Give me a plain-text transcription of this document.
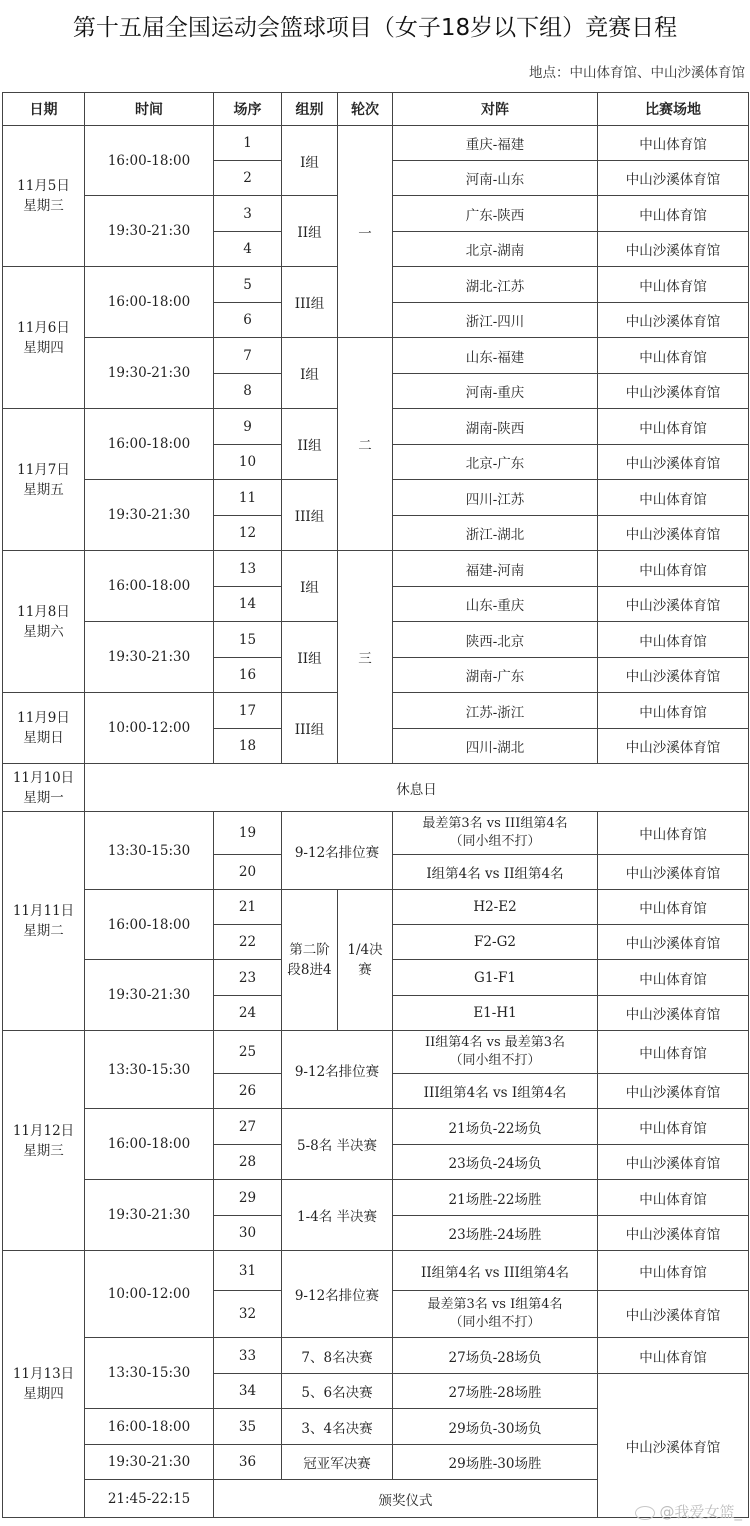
第十五届全国运动会篮球项目（女子18岁以下组）竞赛日程
地点：中山体育馆、中山沙溪体育馆
日期	时间	场序	组别	轮次	对阵	比赛场地
11月5日
星期三	16:00-18:00	1	I组	一	重庆-福建	中山体育馆
		2			河南-山东	中山沙溪体育馆
	19:30-21:30	3	II组		广东-陕西	中山体育馆
		4			北京-湖南	中山沙溪体育馆
11月6日
星期四	16:00-18:00	5	III组		湖北-江苏	中山体育馆
		6			浙江-四川	中山沙溪体育馆
	19:30-21:30	7	I组	二	山东-福建	中山体育馆
		8			河南-重庆	中山沙溪体育馆
11月7日
星期五	16:00-18:00	9	II组		湖南-陕西	中山体育馆
		10			北京-广东	中山沙溪体育馆
	19:30-21:30	11	III组		四川-江苏	中山体育馆
		12			浙江-湖北	中山沙溪体育馆
11月8日
星期六	16:00-18:00	13	I组	三	福建-河南	中山体育馆
		14			山东-重庆	中山沙溪体育馆
	19:30-21:30	15	II组		陕西-北京	中山体育馆
		16			湖南-广东	中山沙溪体育馆
11月9日
星期日	10:00-12:00	17	III组		江苏-浙江	中山体育馆
		18			四川-湖北	中山沙溪体育馆
11月10日
星期一	休息日					
11月11日
星期二	13:30-15:30	19	9-12名排位赛		最差第3名 vs III组第4名
（同小组不打）	中山体育馆
		20			I组第4名 vs II组第4名	中山沙溪体育馆
	16:00-18:00	21	第二阶段8进4	1/4决赛	H2-E2	中山体育馆
		22			F2-G2	中山沙溪体育馆
	19:30-21:30	23			G1-F1	中山体育馆
		24			E1-H1	中山沙溪体育馆
11月12日
星期三	13:30-15:30	25	9-12名排位赛		II组第4名 vs 最差第3名
（同小组不打）	中山体育馆
		26			III组第4名 vs I组第4名	中山沙溪体育馆
	16:00-18:00	27	5-8名 半决赛		21场负-22场负	中山体育馆
		28			23场负-24场负	中山沙溪体育馆
	19:30-21:30	29	1-4名 半决赛		21场胜-22场胜	中山体育馆
		30			23场胜-24场胜	中山沙溪体育馆
11月13日
星期四	10:00-12:00	31	9-12名排位赛		II组第4名 vs III组第4名	中山体育馆
		32			最差第3名 vs I组第4名
（同小组不打）	中山沙溪体育馆
	13:30-15:30	33	7、8名决赛		27场负-28场负	中山体育馆
		34	5、6名决赛		27场胜-28场胜	中山沙溪体育馆
	16:00-18:00	35	3、4名决赛		29场负-30场负	
	19:30-21:30	36	冠亚军决赛		29场胜-30场胜	
	21:45-22:15	颁奖仪式				
@我爱女篮_
